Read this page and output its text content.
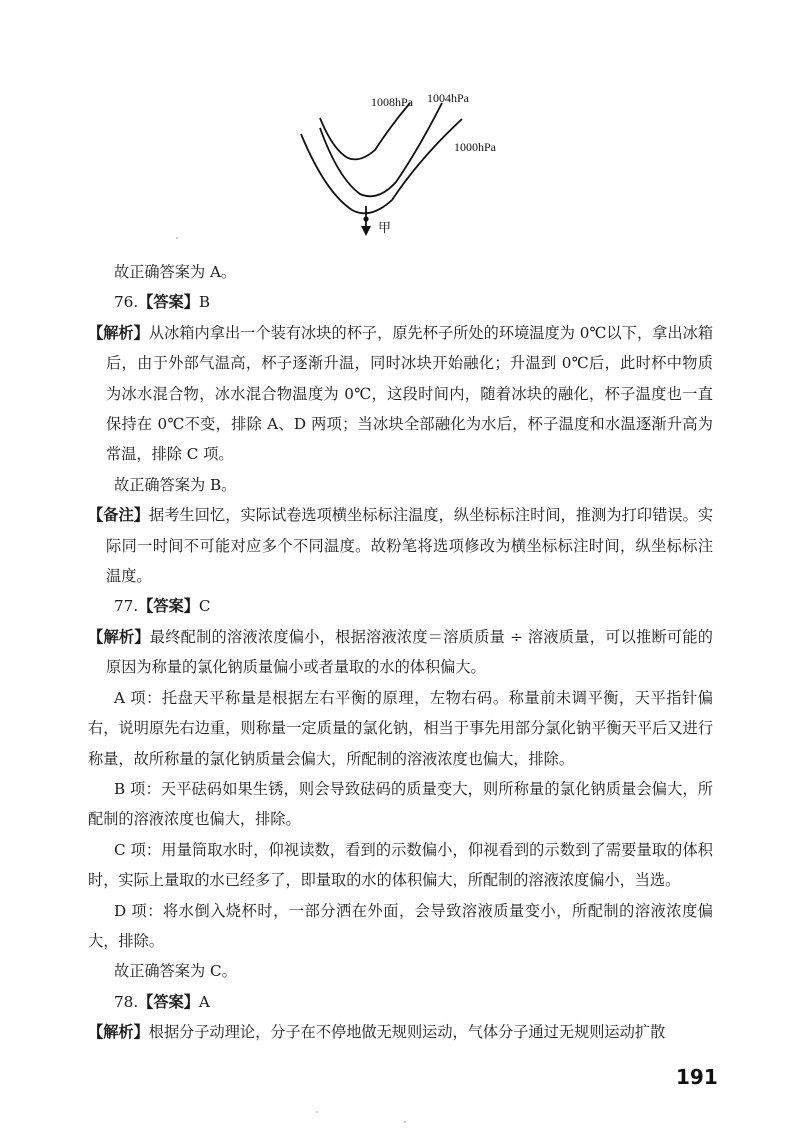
1008hPa 1004hPa
1000hPa
甲

故正确答案为 A。

76.【答案】B

【解析】从冰箱内拿出一个装有冰块的杯子，原先杯子所处的环境温度为 0℃以下，拿出冰箱后，由于外部气温高，杯子逐渐升温，同时冰块开始融化；升温到 0℃后，此时杯中物质为冰水混合物，冰水混合物温度为 0℃，这段时间内，随着冰块的融化，杯子温度也一直保持在 0℃不变，排除 A、D 两项；当冰块全部融化为水后，杯子温度和水温逐渐升高为常温，排除 C 项。

故正确答案为 B。

【备注】据考生回忆，实际试卷选项横坐标标注温度，纵坐标标注时间，推测为打印错误。实际同一时间不可能对应多个不同温度。故粉笔将选项修改为横坐标标注时间，纵坐标标注温度。

77.【答案】C

【解析】最终配制的溶液浓度偏小，根据溶液浓度＝溶质质量 ÷ 溶液质量，可以推断可能的原因为称量的氯化钠质量偏小或者量取的水的体积偏大。

A 项：托盘天平称量是根据左右平衡的原理，左物右码。称量前未调平衡，天平指针偏右，说明原先右边重，则称量一定质量的氯化钠，相当于事先用部分氯化钠平衡天平后又进行称量，故所称量的氯化钠质量会偏大，所配制的溶液浓度也偏大，排除。

B 项：天平砝码如果生锈，则会导致砝码的质量变大，则所称量的氯化钠质量会偏大，所配制的溶液浓度也偏大，排除。

C 项：用量筒取水时，仰视读数，看到的示数偏小，仰视看到的示数到了需要量取的体积时，实际上量取的水已经多了，即量取的水的体积偏大，所配制的溶液浓度偏小，当选。

D 项：将水倒入烧杯时，一部分洒在外面，会导致溶液质量变小，所配制的溶液浓度偏大，排除。

故正确答案为 C。

78.【答案】A

【解析】根据分子动理论，分子在不停地做无规则运动，气体分子通过无规则运动扩散

191
